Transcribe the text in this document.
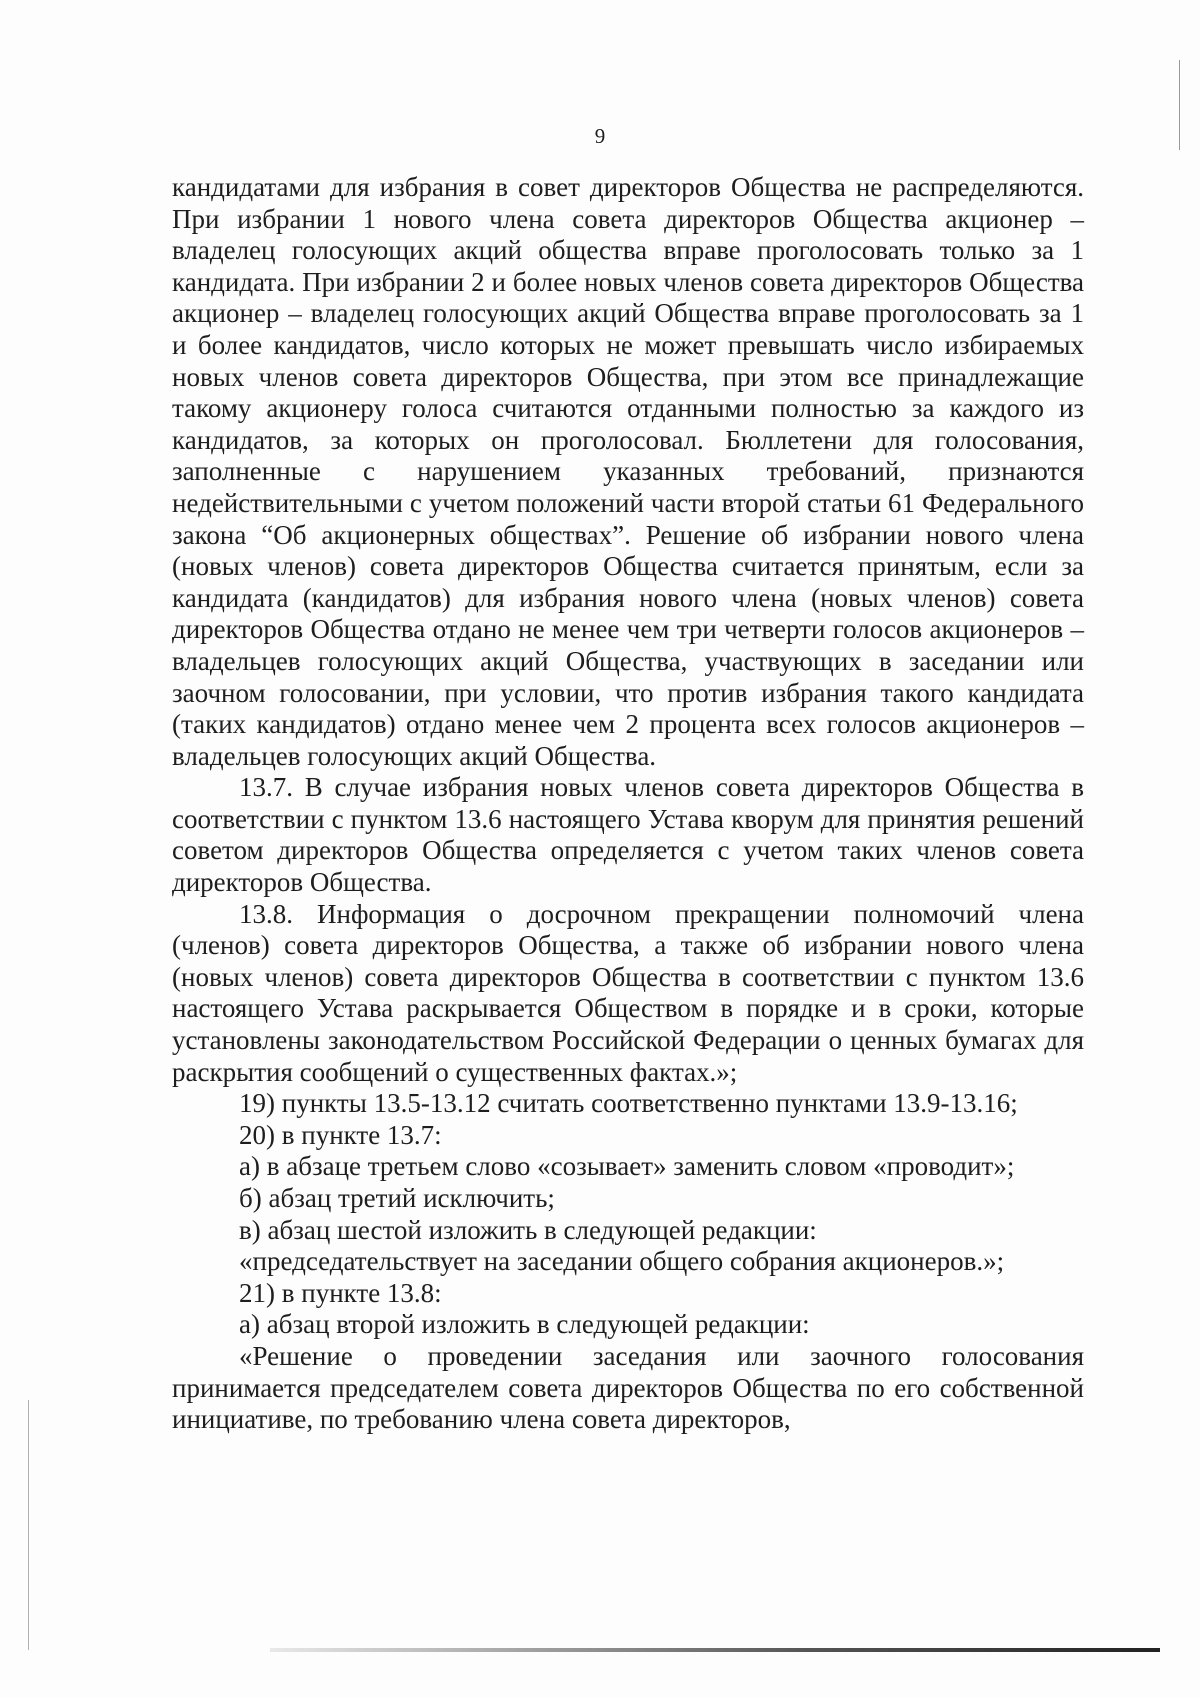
9

кандидатами для избрания в совет директоров Общества не распределяются. При избрании 1 нового члена совета директоров Общества акционер – владелец голосующих акций общества вправе проголосовать только за 1 кандидата. При избрании 2 и более новых членов совета директоров Общества акционер – владелец голосующих акций Общества вправе проголосовать за 1 и более кандидатов, число которых не может превышать число избираемых новых членов совета директоров Общества, при этом все принадлежащие такому акционеру голоса считаются отданными полностью за каждого из кандидатов, за которых он проголосовал. Бюллетени для голосования, заполненные с нарушением указанных требований, признаются недействительными с учетом положений части второй статьи 61 Федерального закона “Об акционерных обществах”. Решение об избрании нового члена (новых членов) совета директоров Общества считается принятым, если за кандидата (кандидатов) для избрания нового члена (новых членов) совета директоров Общества отдано не менее чем три четверти голосов акционеров – владельцев голосующих акций Общества, участвующих в заседании или заочном голосовании, при условии, что против избрания такого кандидата (таких кандидатов) отдано менее чем 2 процента всех голосов акционеров – владельцев голосующих акций Общества.

13.7. В случае избрания новых членов совета директоров Общества в соответствии с пунктом 13.6 настоящего Устава кворум для принятия решений советом директоров Общества определяется с учетом таких членов совета директоров Общества.

13.8. Информация о досрочном прекращении полномочий члена (членов) совета директоров Общества, а также об избрании нового члена (новых членов) совета директоров Общества в соответствии с пунктом 13.6 настоящего Устава раскрывается Обществом в порядке и в сроки, которые установлены законодательством Российской Федерации о ценных бумагах для раскрытия сообщений о существенных фактах.»;

19) пункты 13.5-13.12 считать соответственно пунктами 13.9-13.16;

20) в пункте 13.7:

а) в абзаце третьем слово «созывает» заменить словом «проводит»;

б) абзац третий исключить;

в) абзац шестой изложить в следующей редакции:

«председательствует на заседании общего собрания акционеров.»;

21) в пункте 13.8:

а) абзац второй изложить в следующей редакции:

«Решение о проведении заседания или заочного голосования принимается председателем совета директоров Общества по его собственной инициативе, по требованию члена совета директоров,
